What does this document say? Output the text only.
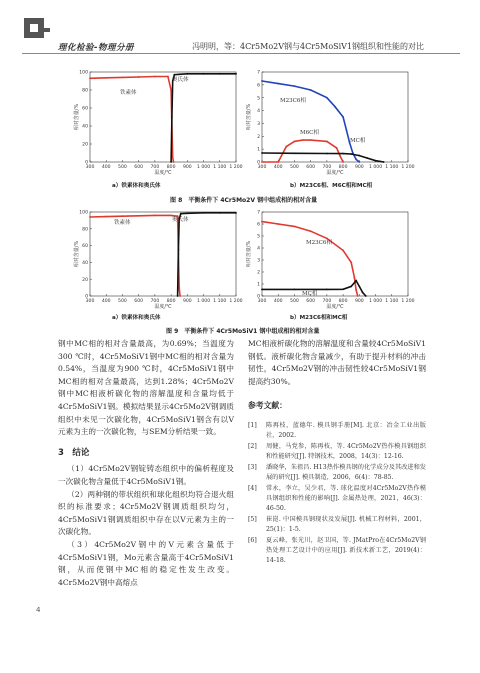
理化检验-物理分册	冯明明，等：4Cr5Mo2V钢与4Cr5MoSiV1钢组织和性能的对比
0
20
40
60
80
100
300 400 500 600 700 800 900 1 000 1 100 1 200
温度/℃
相对含量/%
铁素体
奥氏体
0
1
2
3
4
5
6
7
300 400 500 600 700 800 900 1 000 1 100 1 200
温度/℃
相对含量/%
M23C6相
M6C相
MC相
a）铁素体和奥氏体	b）M23C6相、M6C相和MC相
图 8　平衡条件下 4Cr5Mo2V 钢中组成相的相对含量
0
20
40
60
80
100
300 400 500 600 700 800 900 1 000 1 100 1 200
温度/℃
相对含量/%
铁素体	奥氏体
0
1
2
3
4
5
6
7
300 400 500 600 700 800 900 1 000 1 100 1 200
温度/℃
相对含量/%	M23C6相
MC相
a）铁素体和奥氏体	b）M23C6相和MC相
图 9　平衡条件下 4Cr5MoSiV1 钢中组成相的相对含量

钢中MC相的相对含量最高，为0.69%；当温度为300 ℃时，4Cr5MoSiV1钢中MC相的相对含量为0.54%，当温度为900 ℃时，4Cr5MoSiV1钢中MC相的相对含量最高，达到1.28%；4Cr5Mo2V钢中MC相液析碳化物的溶解温度和含量均低于4Cr5MoSiV1钢。模拟结果显示4Cr5Mo2V钢调质组织中未见一次碳化物，4Cr5MoSiV1钢含有以V元素为主的一次碳化物，与SEM分析结果一致。

3　结论

（1）4Cr5Mo2V钢锭铸态组织中的偏析程度及一次碳化物含量低于4Cr5MoSiV1钢。

（2）两种钢的带状组织和球化组织均符合退火组织的标准要求；4Cr5Mo2V钢调质组织均匀，4Cr5MoSiV1钢调质组织中存在以V元素为主的一次碳化物。

（3）4Cr5Mo2V钢中的V元素含量低于4Cr5MoSiV1钢，Mo元素含量高于4Cr5MoSiV1钢，从而使钢中MC相的稳定性发生改变。4Cr5Mo2V钢中高熔点

MC相液析碳化物的溶解温度和含量较4Cr5MoSiV1钢低。液析碳化物含量减少，有助于提升材料的冲击韧性，4Cr5Mo2V钢的冲击韧性较4Cr5MoSiV1钢提高约30%。

参考文献：

[1]	陈再枝，蓝德年. 模具钢手册[M]. 北京：冶金工业出版社，2002.
[2]	周健，马党参，陈再枝，等. 4Cr5Mo2V热作模具钢组织和性能研究[J]. 特钢技术，2008，14(3)：12-16.
[3]	潘晓华，朱祖昌. H13热作模具钢的化学成分及其改进和发展的研究[J]. 模具制造，2006，6(4)：78-85.
[4]	常永，李立，吴少君，等. 球化温度对4Cr5Mo2V热作模具钢组织和性能的影响[J]. 金属热处理，2021，46(3)：46-50.
[5]	崔崑. 中国模具钢现状及发展[J]. 机械工程材料，2001，25(1)：1-5.
[6]	夏云峰，张光川，赵卫国，等. JMatPro在4Cr5Mo2V钢热处理工艺设计中的应用[J]. 新技术新工艺，2019(4)：14-18.
4
